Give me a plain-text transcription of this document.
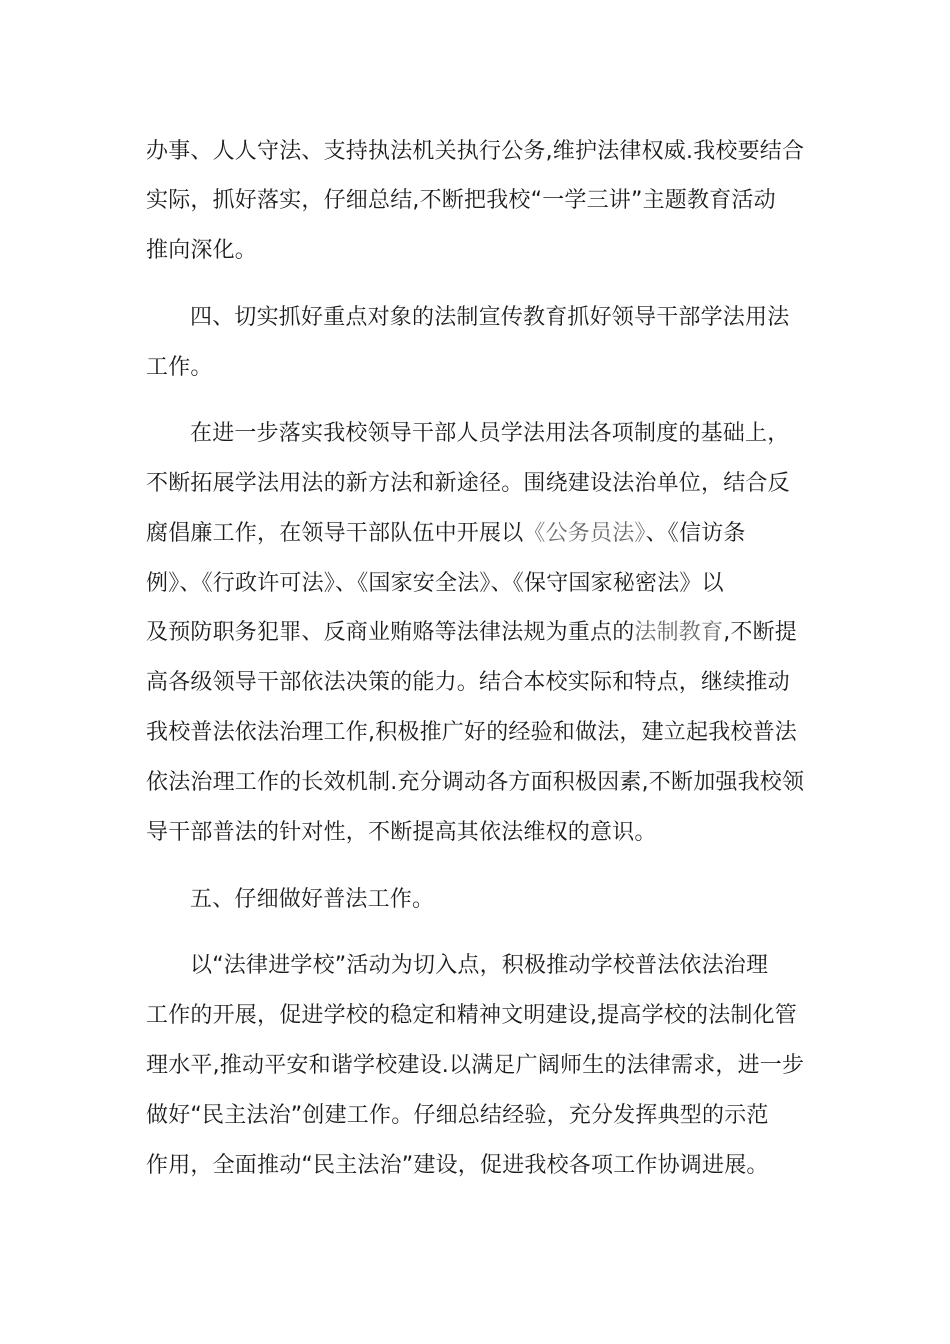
办事、人人守法、支持执法机关执行公务,维护法律权威.我校要结合
实际，抓好落实，仔细总结,不断把我校“一学三讲”主题教育活动
推向深化。
四、切实抓好重点对象的法制宣传教育抓好领导干部学法用法
工作。
在进一步落实我校领导干部人员学法用法各项制度的基础上，
不断拓展学法用法的新方法和新途径。围绕建设法治单位，结合反
腐倡廉工作，在领导干部队伍中开展以《公务员法》、《信访条
例》、《行政许可法》、《国家安全法》、《保守国家秘密法》以
及预防职务犯罪、反商业贿赂等法律法规为重点的法制教育,不断提
高各级领导干部依法决策的能力。结合本校实际和特点，继续推动
我校普法依法治理工作,积极推广好的经验和做法，建立起我校普法
依法治理工作的长效机制.充分调动各方面积极因素,不断加强我校领
导干部普法的针对性，不断提高其依法维权的意识。
五、仔细做好普法工作。
以“法律进学校”活动为切入点，积极推动学校普法依法治理
工作的开展，促进学校的稳定和精神文明建设,提高学校的法制化管
理水平,推动平安和谐学校建设.以满足广阔师生的法律需求，进一步
做好“民主法治”创建工作。仔细总结经验，充分发挥典型的示范
作用，全面推动“民主法治”建设，促进我校各项工作协调进展。
